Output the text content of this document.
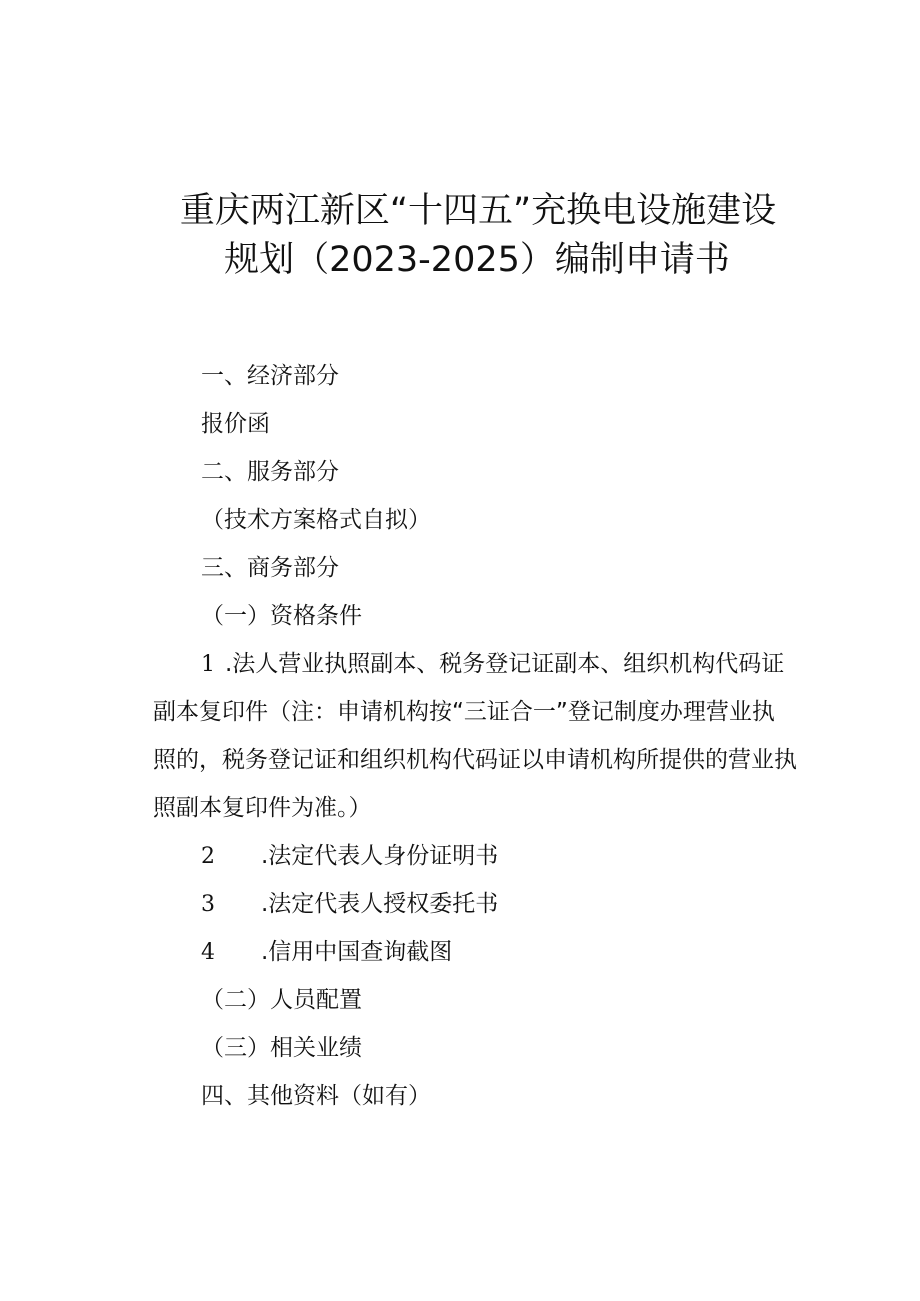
重庆两江新区“十四五”充换电设施建设
规划（2023-2025）编制申请书
一、经济部分
报价函
二、服务部分
（技术方案格式自拟）
三、商务部分
（一）资格条件
1 .法人营业执照副本、税务登记证副本、组织机构代码证
副本复印件（注：申请机构按“三证合一”登记制度办理营业执
照的，税务登记证和组织机构代码证以申请机构所提供的营业执
照副本复印件为准。）
2 .法定代表人身份证明书
3 .法定代表人授权委托书
4 .信用中国查询截图
（二）人员配置
（三）相关业绩
四、其他资料（如有）
